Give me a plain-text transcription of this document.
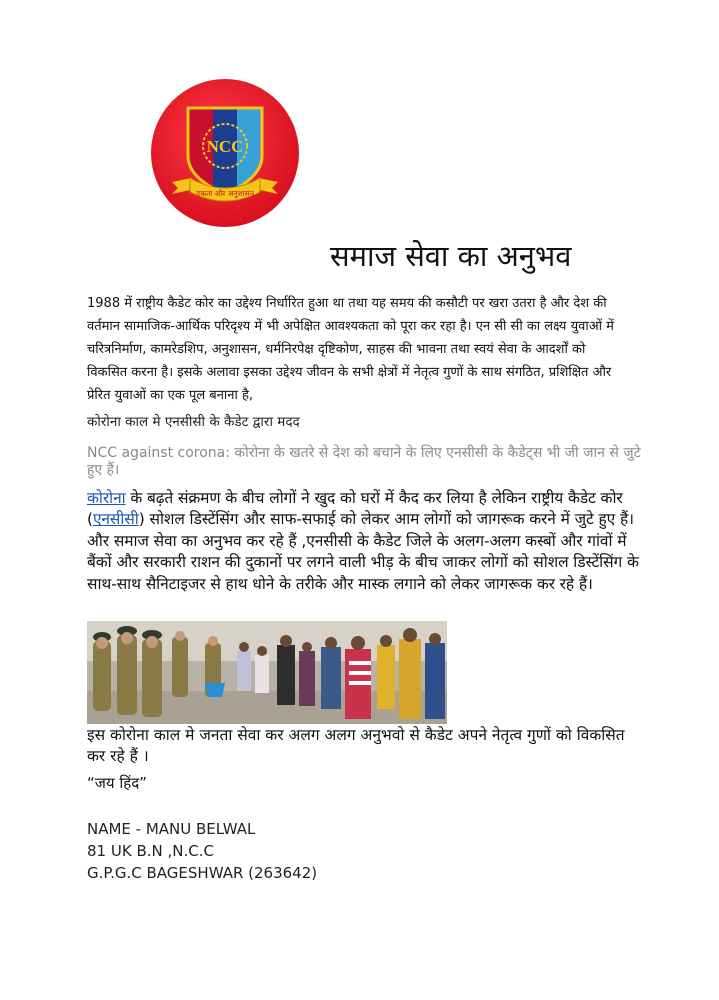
NCC
एकता और अनुशासन
समाज सेवा का अनुभव
1988 में राष्ट्रीय कैडेट कोर का उद्देश्य निर्धारित हुआ था तथा यह समय की कसौटी पर खरा उतरा है और देश की वर्तमान सामाजिक-आर्थिक परिदृश्य में भी अपेक्षित आवश्यकता को पूरा कर रहा है। एन सी सी का लक्ष्य युवाओं में चरित्रनिर्माण, कामरेडशिप, अनुशासन, धर्मनिरपेक्ष दृष्टिकोण, साहस की भावना तथा स्वयं सेवा के आदर्शों को विकसित करना है। इसके अलावा इसका उद्देश्य जीवन के सभी क्षेत्रों में नेतृत्व गुणों के साथ संगठित, प्रशिक्षित और प्रेरित युवाओं का एक पूल बनाना है,
कोरोना काल मे एनसीसी के कैडेट द्वारा मदद
NCC against corona: कोरोना के खतरे से देश को बचाने के लिए एनसीसी के कैडेट्स भी जी जान से जुटे हुए हैं।
कोरोना के बढ़ते संक्रमण के बीच लोगों ने खुद को घरों में कैद कर लिया है लेकिन राष्ट्रीय कैडेट कोर (एनसीसी) सोशल डिस्टेंसिंग और साफ-सफाई को लेकर आम लोगों को जागरूक करने में जुटे हुए हैं। और समाज सेवा का अनुभव कर रहे हैं ,एनसीसी के कैडेट जिले के अलग-अलग कस्बों और गांवों में बैंकों और सरकारी राशन की दुकानों पर लगने वाली भीड़ के बीच जाकर लोगों को सोशल डिस्टेंसिंग के साथ-साथ सैनिटाइजर से हाथ धोने के तरीके और मास्क लगाने को लेकर जागरूक कर रहे हैं।
इस कोरोना काल मे जनता सेवा कर अलग अलग अनुभवो से कैडेट अपने नेतृत्व गुणों को विकसित कर रहे हैं ।
“जय हिंद”
NAME - MANU BELWAL
81 UK B.N ,N.C.C
G.P.G.C BAGESHWAR (263642)
